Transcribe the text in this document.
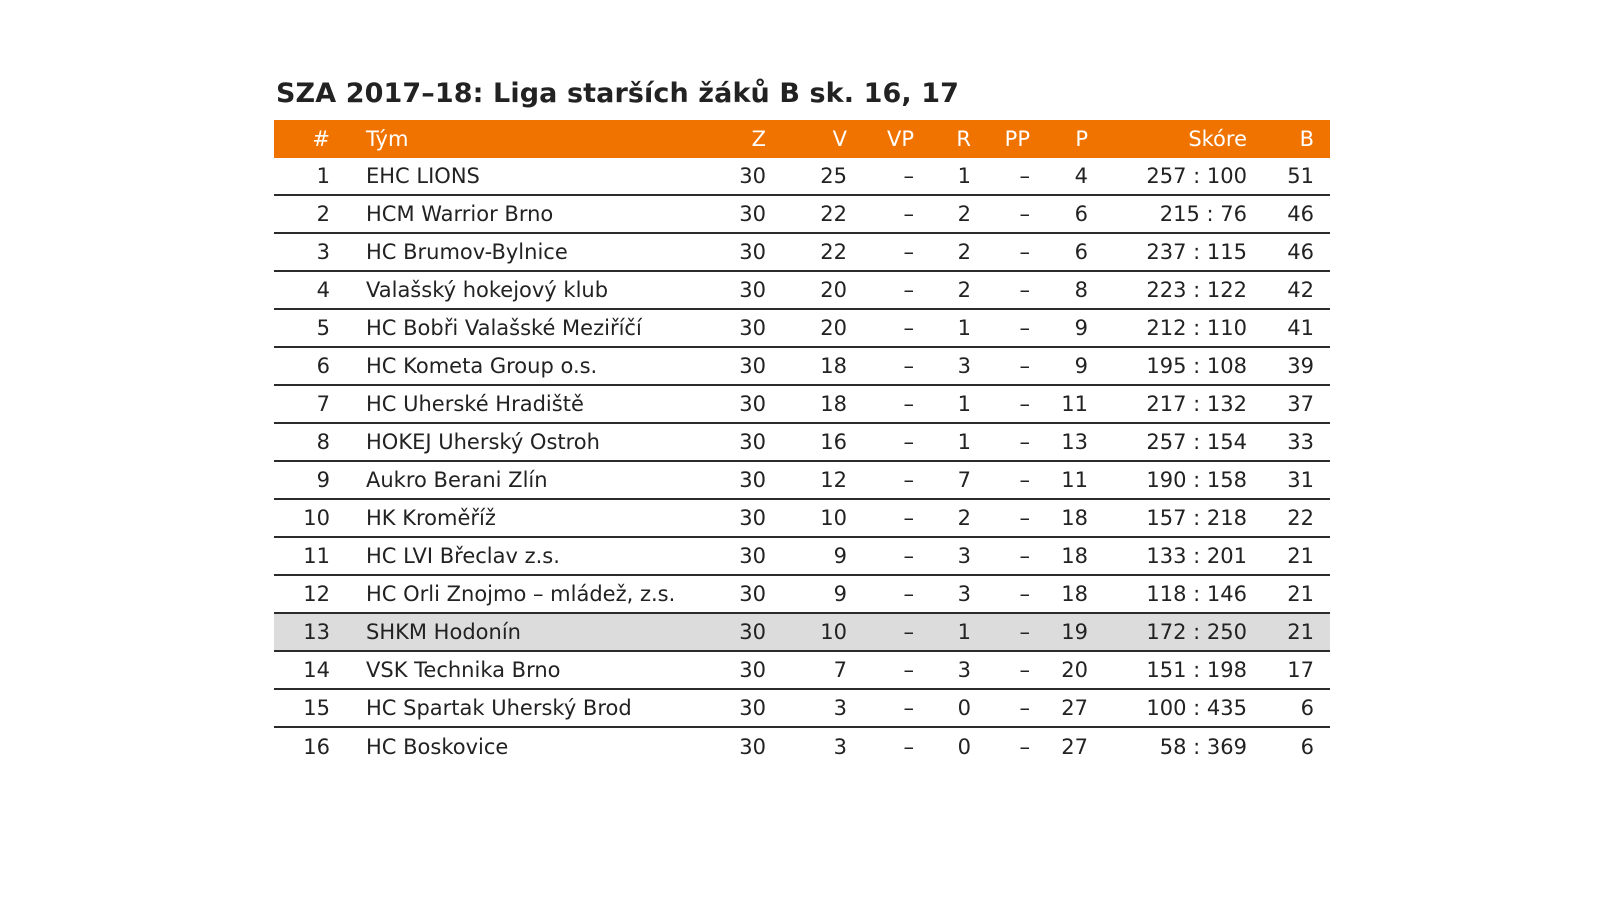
SZA 2017–18: Liga starších žáků B sk. 16, 17
#	Tým	Z	V	VP	R	PP	P	Skóre	B
1	EHC LIONS	30	25	–	1	–	4	257 : 100	51
2	HCM Warrior Brno	30	22	–	2	–	6	215 : 76	46
3	HC Brumov-Bylnice	30	22	–	2	–	6	237 : 115	46
4	Valašský hokejový klub	30	20	–	2	–	8	223 : 122	42
5	HC Bobři Valašské Meziříčí	30	20	–	1	–	9	212 : 110	41
6	HC Kometa Group o.s.	30	18	–	3	–	9	195 : 108	39
7	HC Uherské Hradiště	30	18	–	1	–	11	217 : 132	37
8	HOKEJ Uherský Ostroh	30	16	–	1	–	13	257 : 154	33
9	Aukro Berani Zlín	30	12	–	7	–	11	190 : 158	31
10	HK Kroměříž	30	10	–	2	–	18	157 : 218	22
11	HC LVI Břeclav z.s.	30	9	–	3	–	18	133 : 201	21
12	HC Orli Znojmo – mládež, z.s.	30	9	–	3	–	18	118 : 146	21
13	SHKM Hodonín	30	10	–	1	–	19	172 : 250	21
14	VSK Technika Brno	30	7	–	3	–	20	151 : 198	17
15	HC Spartak Uherský Brod	30	3	–	0	–	27	100 : 435	6
16	HC Boskovice	30	3	–	0	–	27	58 : 369	6
